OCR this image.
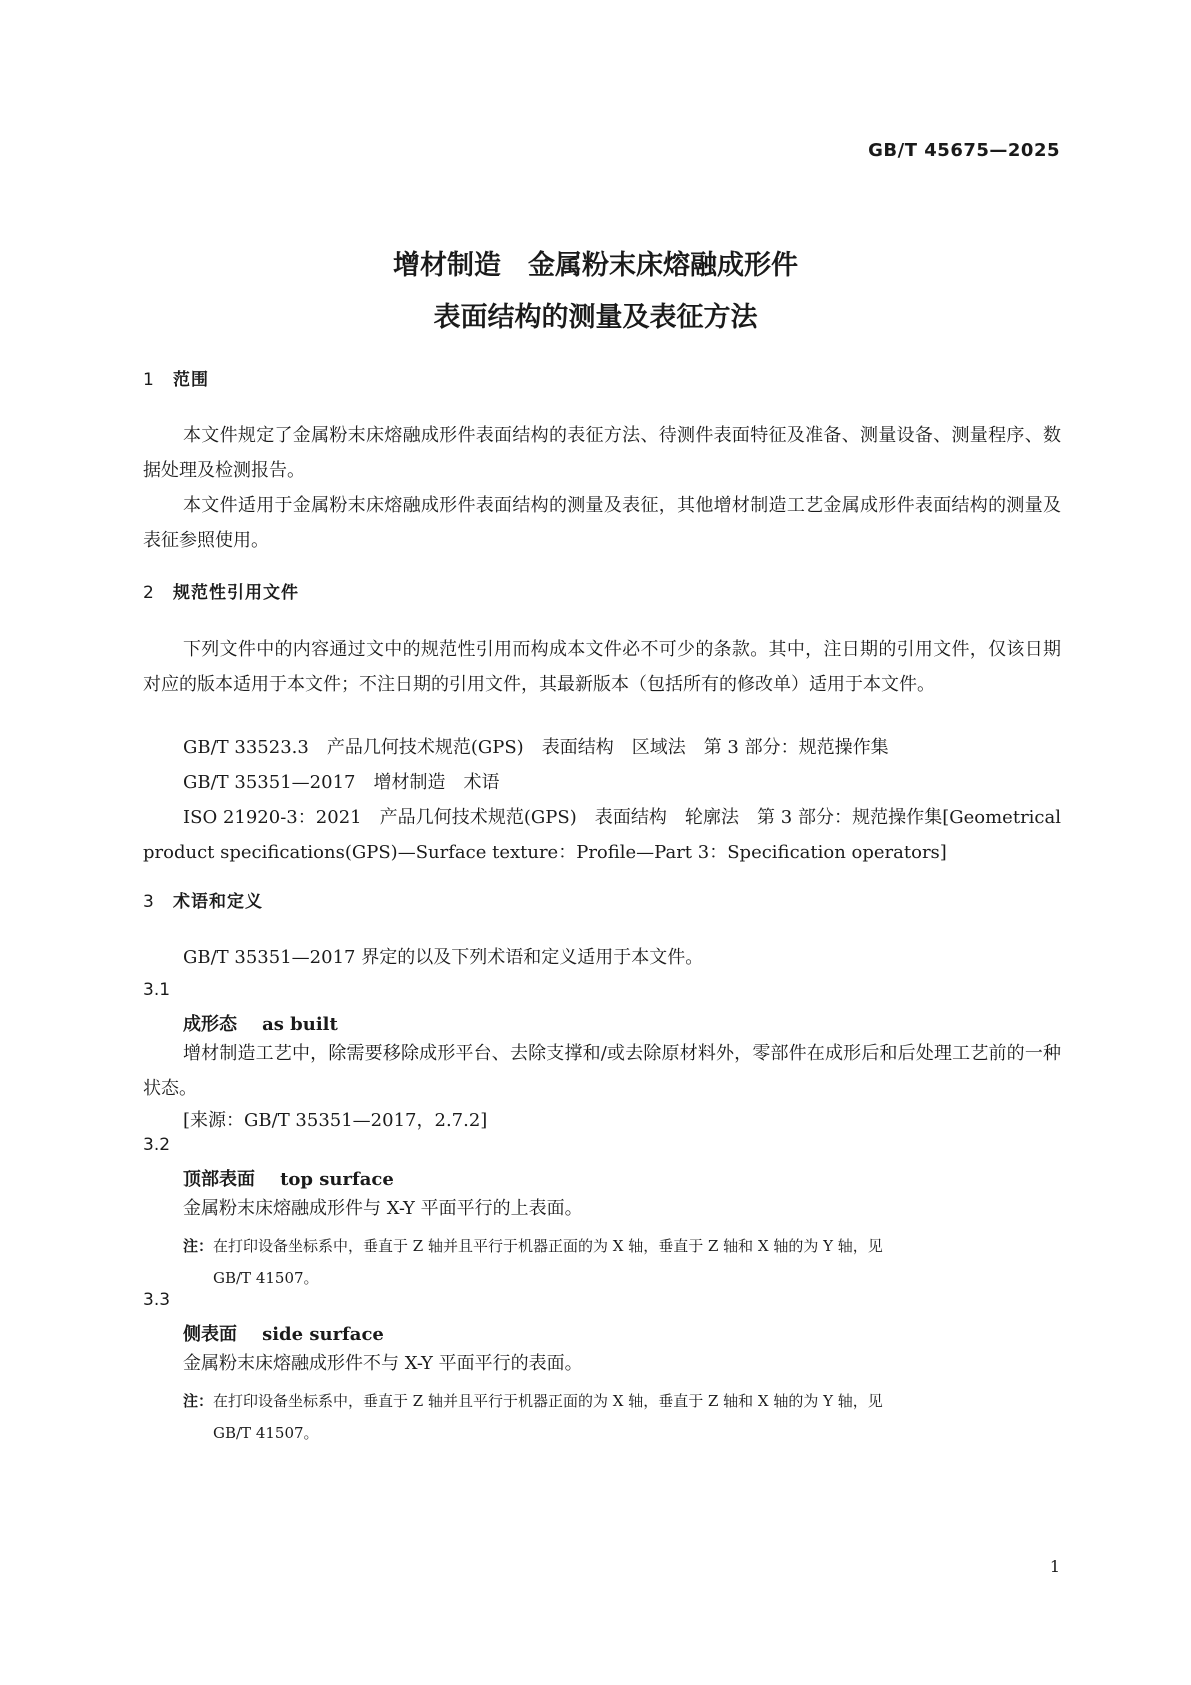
GB/T 45675—2025
增材制造　金属粉末床熔融成形件
表面结构的测量及表征方法
1 范围

本文件规定了金属粉末床熔融成形件表面结构的表征方法、待测件表面特征及准备、测量设备、测量程序、数据处理及检测报告。

本文件适用于金属粉末床熔融成形件表面结构的测量及表征，其他增材制造工艺金属成形件表面结构的测量及表征参照使用。

2 规范性引用文件

下列文件中的内容通过文中的规范性引用而构成本文件必不可少的条款。其中，注日期的引用文件，仅该日期对应的版本适用于本文件；不注日期的引用文件，其最新版本（包括所有的修改单）适用于本文件。

GB/T 33523.3　产品几何技术规范(GPS)　表面结构　区域法　第 3 部分：规范操作集

GB/T 35351—2017　增材制造　术语

ISO 21920-3：2021　产品几何技术规范(GPS)　表面结构　轮廓法　第 3 部分：规范操作集[Geometrical product specifications(GPS)—Surface texture：Profile—Part 3：Specification operators]

3 术语和定义

GB/T 35351—2017 界定的以及下列术语和定义适用于本文件。

3.1
成形态 as built

增材制造工艺中，除需要移除成形平台、去除支撑和/或去除原材料外，零部件在成形后和后处理工艺前的一种状态。

[来源：GB/T 35351—2017，2.7.2]
3.2
顶部表面 top surface

金属粉末床熔融成形件与 X-Y 平面平行的上表面。

注：在打印设备坐标系中，垂直于 Z 轴并且平行于机器正面的为 X 轴，垂直于 Z 轴和 X 轴的为 Y 轴，见
GB/T 41507。

3.3
侧表面 side surface

金属粉末床熔融成形件不与 X-Y 平面平行的表面。

注：在打印设备坐标系中，垂直于 Z 轴并且平行于机器正面的为 X 轴，垂直于 Z 轴和 X 轴的为 Y 轴，见
GB/T 41507。

1
